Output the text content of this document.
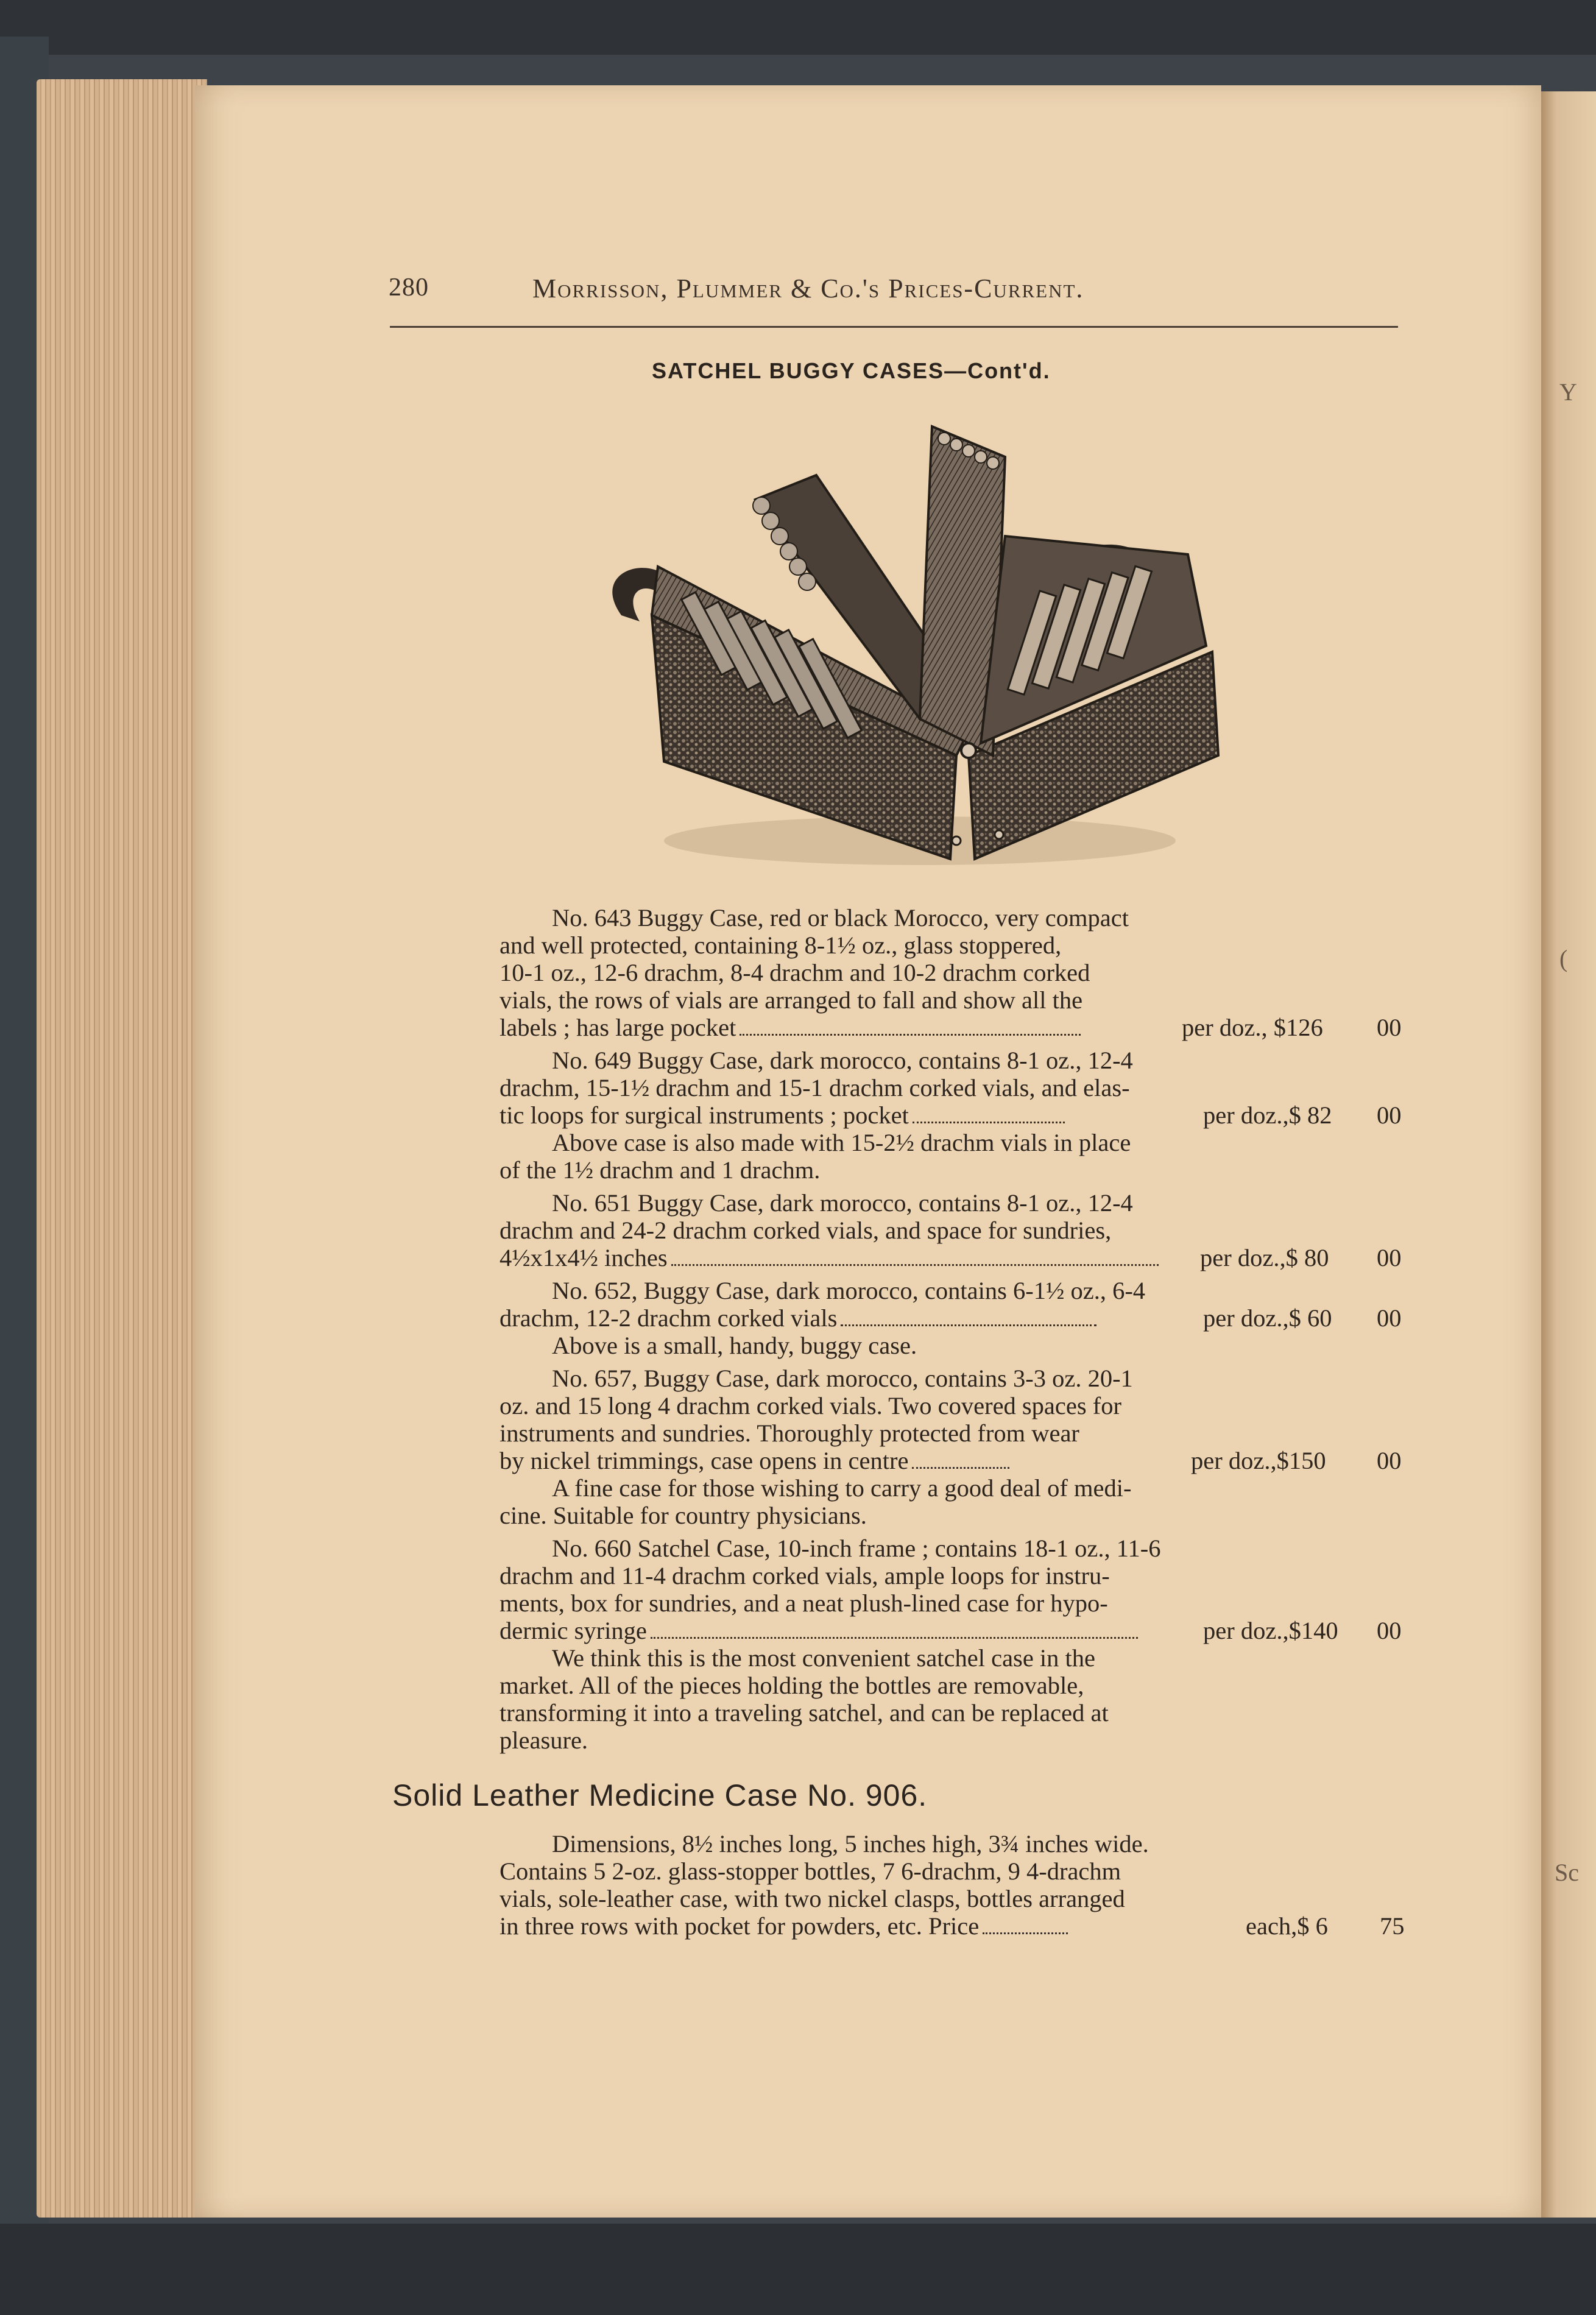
Y
(
Sc
280	Morrisson, Plummer & Co.'s Prices-Current.
SATCHEL BUGGY CASES—Cont'd.
No. 643 Buggy Case, red or black Morocco, very compact
and well protected, containing 8-1½ oz., glass stoppered,
10-1 oz., 12-6 drachm, 8-4 drachm and 10-2 drachm corked
vials, the rows of vials are arranged to fall and show all the
labels ; has large pocket	per doz., $126 00
No. 649 Buggy Case, dark morocco, contains 8-1 oz., 12-4
drachm, 15-1½ drachm and 15-1 drachm corked vials, and elas-
tic loops for surgical instruments ; pocket	per doz.,$ 82 00
Above case is also made with 15-2½ drachm vials in place
of the 1½ drachm and 1 drachm.
No. 651 Buggy Case, dark morocco, contains 8-1 oz., 12-4
drachm and 24-2 drachm corked vials, and space for sundries,
4½x1x4½ inches	per doz.,$ 80 00
No. 652, Buggy Case, dark morocco, contains 6-1½ oz., 6-4
drachm, 12-2 drachm corked vials	per doz.,$ 60 00
Above is a small, handy, buggy case.
No. 657, Buggy Case, dark morocco, contains 3-3 oz. 20-1
oz. and 15 long 4 drachm corked vials. Two covered spaces for
instruments and sundries. Thoroughly protected from wear
by nickel trimmings, case opens in centre	per doz.,$150 00
A fine case for those wishing to carry a good deal of medi-
cine. Suitable for country physicians.
No. 660 Satchel Case, 10-inch frame ; contains 18-1 oz., 11-6
drachm and 11-4 drachm corked vials, ample loops for instru-
ments, box for sundries, and a neat plush-lined case for hypo-
dermic syringe	per doz.,$140 00
We think this is the most convenient satchel case in the
market. All of the pieces holding the bottles are removable,
transforming it into a traveling satchel, and can be replaced at
pleasure.
Solid Leather Medicine Case No. 906.
Dimensions, 8½ inches long, 5 inches high, 3¾ inches wide.
Contains 5 2-oz. glass-stopper bottles, 7 6-drachm, 9 4-drachm
vials, sole-leather case, with two nickel clasps, bottles arranged
in three rows with pocket for powders, etc. Price	each,$ 6 75
